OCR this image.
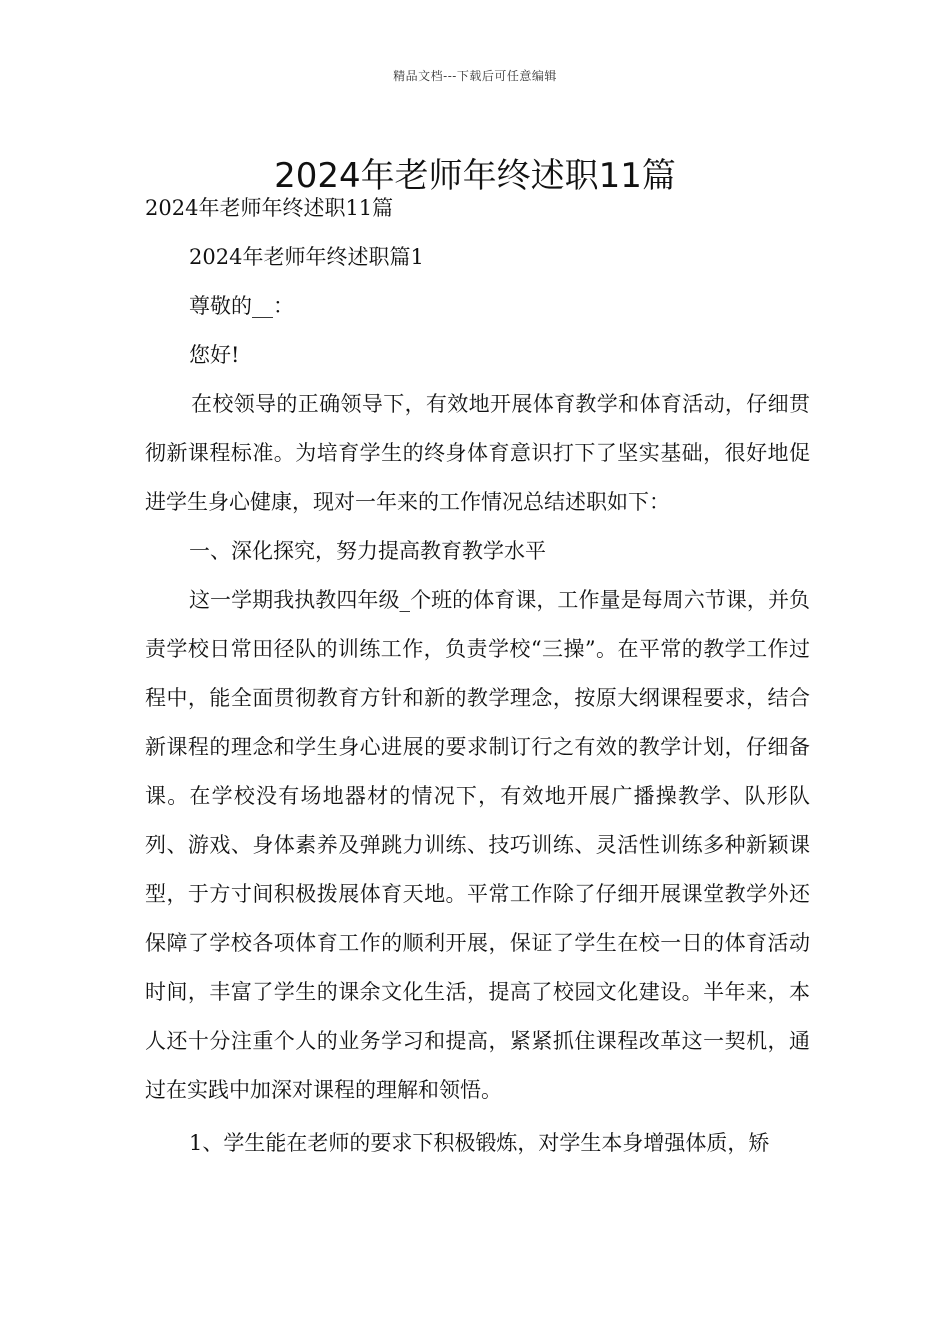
精品文档---下载后可任意编辑
2024年老师年终述职11篇

2024年老师年终述职11篇

2024年老师年终述职篇1

尊敬的__：

您好!

在校领导的正确领导下，有效地开展体育教学和体育活动，仔细贯彻新课程标准。为培育学生的终身体育意识打下了坚实基础，很好地促进学生身心健康，现对一年来的工作情况总结述职如下：

一、深化探究，努力提高教育教学水平

这一学期我执教四年级_个班的体育课，工作量是每周六节课，并负责学校日常田径队的训练工作，负责学校“三操”。在平常的教学工作过程中，能全面贯彻教育方针和新的教学理念，按原大纲课程要求，结合新课程的理念和学生身心进展的要求制订行之有效的教学计划，仔细备课。在学校没有场地器材的情况下，有效地开展广播操教学、队形队列、游戏、身体素养及弹跳力训练、技巧训练、灵活性训练多种新颖课型，于方寸间积极拨展体育天地。平常工作除了仔细开展课堂教学外还保障了学校各项体育工作的顺利开展，保证了学生在校一日的体育活动时间，丰富了学生的课余文化生活，提高了校园文化建设。半年来，本人还十分注重个人的业务学习和提高，紧紧抓住课程改革这一契机，通过在实践中加深对课程的理解和领悟。

1、学生能在老师的要求下积极锻炼，对学生本身增强体质，矫
